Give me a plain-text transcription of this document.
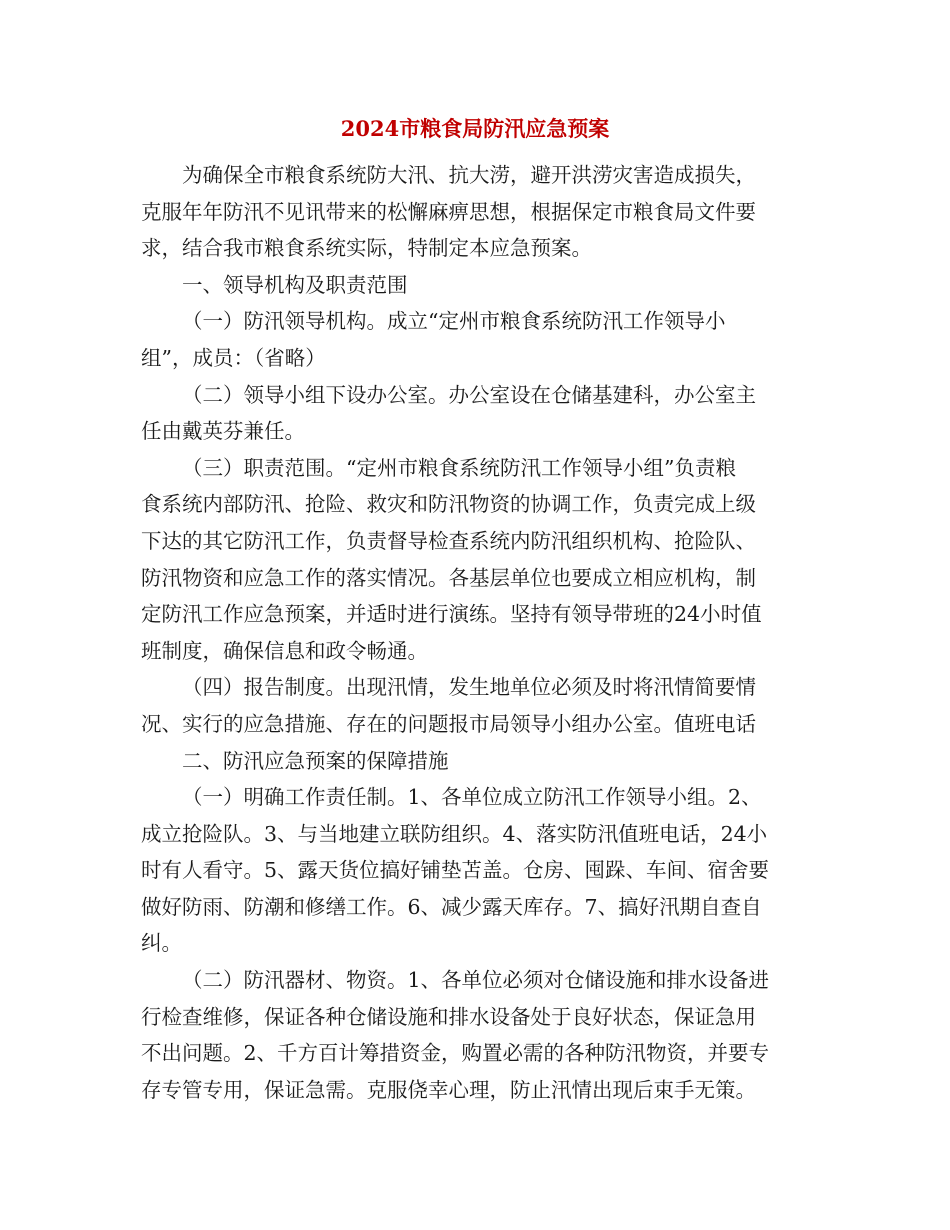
2024市粮食局防汛应急预案

为确保全市粮食系统防大汛、抗大涝，避开洪涝灾害造成损失，
克服年年防汛不见讯带来的松懈麻痹思想，根据保定市粮食局文件要
求，结合我市粮食系统实际，特制定本应急预案。

一、领导机构及职责范围

（一）防汛领导机构。成立“定州市粮食系统防汛工作领导小
组”，成员：（省略）

（二）领导小组下设办公室。办公室设在仓储基建科，办公室主
任由戴英芬兼任。

（三）职责范围。“定州市粮食系统防汛工作领导小组”负责粮
食系统内部防汛、抢险、救灾和防汛物资的协调工作，负责完成上级
下达的其它防汛工作，负责督导检查系统内防汛组织机构、抢险队、
防汛物资和应急工作的落实情况。各基层单位也要成立相应机构，制
定防汛工作应急预案，并适时进行演练。坚持有领导带班的24小时值
班制度，确保信息和政令畅通。

（四）报告制度。出现汛情，发生地单位必须及时将汛情简要情
况、实行的应急措施、存在的问题报市局领导小组办公室。值班电话

二、防汛应急预案的保障措施

（一）明确工作责任制。1、各单位成立防汛工作领导小组。2、
成立抢险队。3、与当地建立联防组织。4、落实防汛值班电话，24小
时有人看守。5、露天货位搞好铺垫苫盖。仓房、囤跺、车间、宿舍要
做好防雨、防潮和修缮工作。6、减少露天库存。7、搞好汛期自查自
纠。

（二）防汛器材、物资。1、各单位必须对仓储设施和排水设备进
行检查维修，保证各种仓储设施和排水设备处于良好状态，保证急用
不出问题。2、千方百计筹措资金，购置必需的各种防汛物资，并要专
存专管专用，保证急需。克服侥幸心理，防止汛情出现后束手无策。
